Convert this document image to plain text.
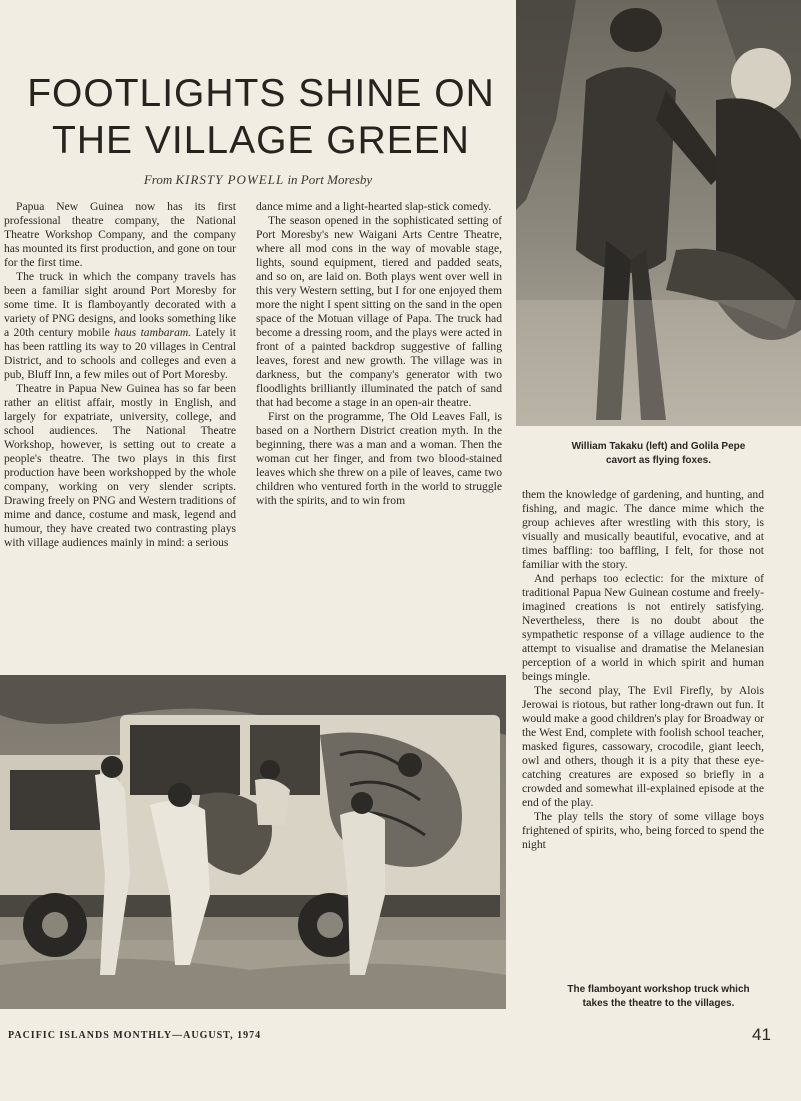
FOOTLIGHTS SHINE ON
THE VILLAGE GREEN
From KIRSTY POWELL in Port Moresby

Papua New Guinea now has its first professional theatre company, the National Theatre Workshop Company, and the company has mounted its first production, and gone on tour for the first time.

The truck in which the company travels has been a familiar sight around Port Moresby for some time. It is flamboyantly decorated with a variety of PNG designs, and looks something like a 20th century mobile haus tambaram. Lately it has been rattling its way to 20 villages in Central District, and to schools and colleges and even a pub, Bluff Inn, a few miles out of Port Moresby.

Theatre in Papua New Guinea has so far been rather an elitist affair, mostly in English, and largely for expatriate, university, college, and school audiences. The National Theatre Workshop, however, is setting out to create a people's theatre. The two plays in this first production have been workshopped by the whole company, working on very slender scripts. Drawing freely on PNG and Western traditions of mime and dance, costume and mask, legend and humour, they have created two contrasting plays with village audiences mainly in mind: a serious

dance mime and a light-hearted slap-stick comedy.

The season opened in the sophisticated setting of Port Moresby's new Waigani Arts Centre Theatre, where all mod cons in the way of movable stage, lights, sound equipment, tiered and padded seats, and so on, are laid on. Both plays went over well in this very Western setting, but I for one enjoyed them more the night I spent sitting on the sand in the open space of the Motuan village of Papa. The truck had become a dressing room, and the plays were acted in front of a painted backdrop suggestive of falling leaves, forest and new growth. The village was in darkness, but the company's generator with two floodlights brilliantly illuminated the patch of sand that had become a stage in an open-air theatre.

First on the programme, The Old Leaves Fall, is based on a Northern District creation myth. In the beginning, there was a man and a woman. Then the woman cut her finger, and from two blood-stained leaves which she threw on a pile of leaves, came two children who ventured forth in the world to struggle with the spirits, and to win from

William Takaku (left) and Golila Pepe
cavort as flying foxes.

them the knowledge of gardening, and hunting, and fishing, and magic. The dance mime which the group achieves after wrestling with this story, is visually and musically beautiful, evocative, and at times baffling: too baffling, I felt, for those not familiar with the story.

And perhaps too eclectic: for the mixture of traditional Papua New Guinean costume and freely-imagined creations is not entirely satisfying. Nevertheless, there is no doubt about the sympathetic response of a village audience to the attempt to visualise and dramatise the Melanesian perception of a world in which spirit and human beings mingle.

The second play, The Evil Firefly, by Alois Jerowai is riotous, but rather long-drawn out fun. It would make a good children's play for Broadway or the West End, complete with foolish school teacher, masked figures, cassowary, crocodile, giant leech, owl and others, though it is a pity that these eye-catching creatures are exposed so briefly in a crowded and somewhat ill-explained episode at the end of the play.

The play tells the story of some village boys frightened of spirits, who, being forced to spend the night

The flamboyant workshop truck which
takes the theatre to the villages.
PACIFIC ISLANDS MONTHLY—AUGUST, 1974	41
